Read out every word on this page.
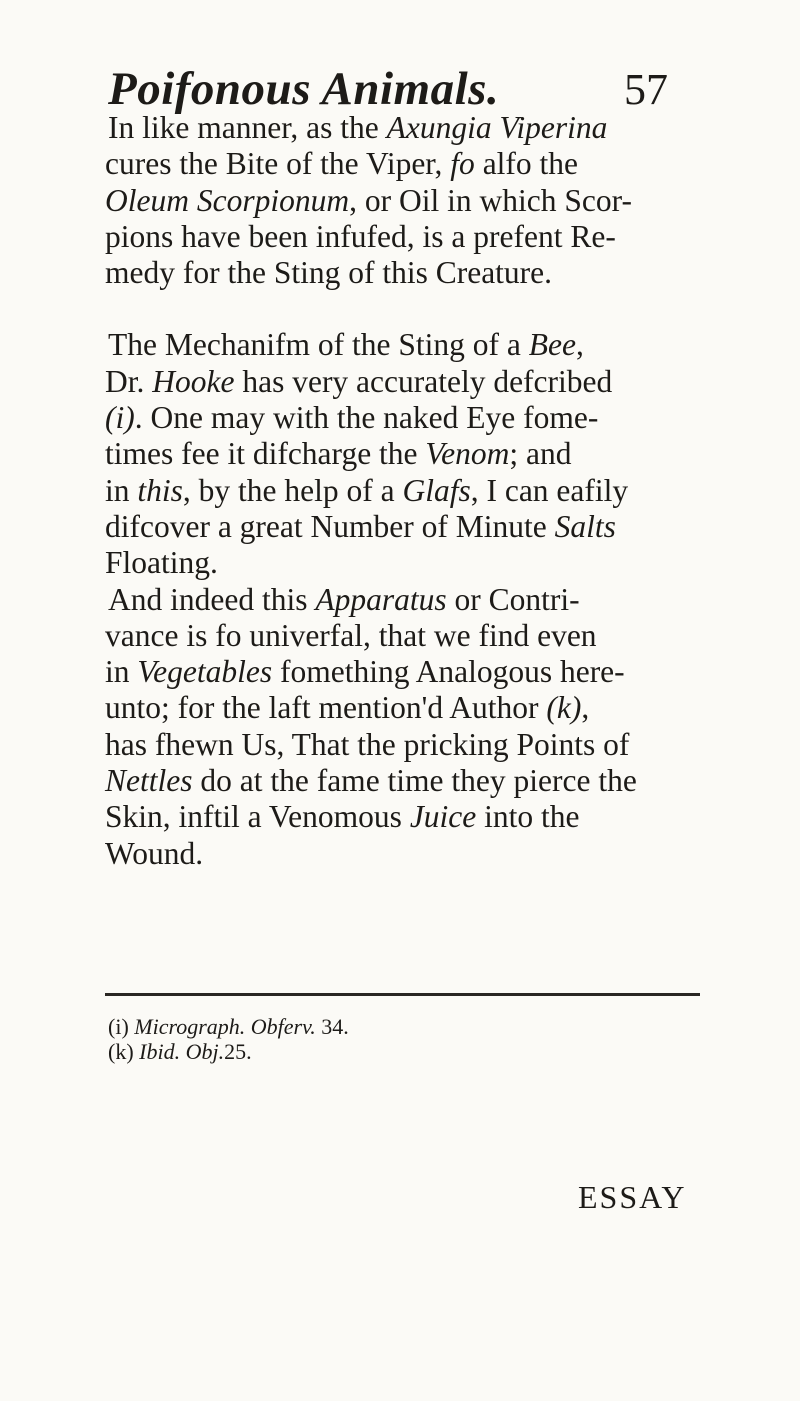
Poifonous Animals.	57
In like manner, as the Axungia Viperina
cures the Bite of the Viper, fo alfo the
Oleum Scorpionum, or Oil in which Scor-
pions have been infufed, is a prefent Re-
medy for the Sting of this Creature.
The Mechanifm of the Sting of a Bee,
Dr. Hooke has very accurately defcribed
(i). One may with the naked Eye fome-
times fee it difcharge the Venom; and
in this, by the help of a Glafs, I can eafily
difcover a great Number of Minute Salts
Floating.
And indeed this Apparatus or Contri-
vance is fo univerfal, that we find even
in Vegetables fomething Analogous here-
unto; for the laft mention'd Author (k),
has fhewn Us, That the pricking Points of
Nettles do at the fame time they pierce the
Skin, inftil a Venomous Juice into the
Wound.
(i) Micrograph. Obferv. 34.
(k) Ibid. Obj.25.
ESSAY
